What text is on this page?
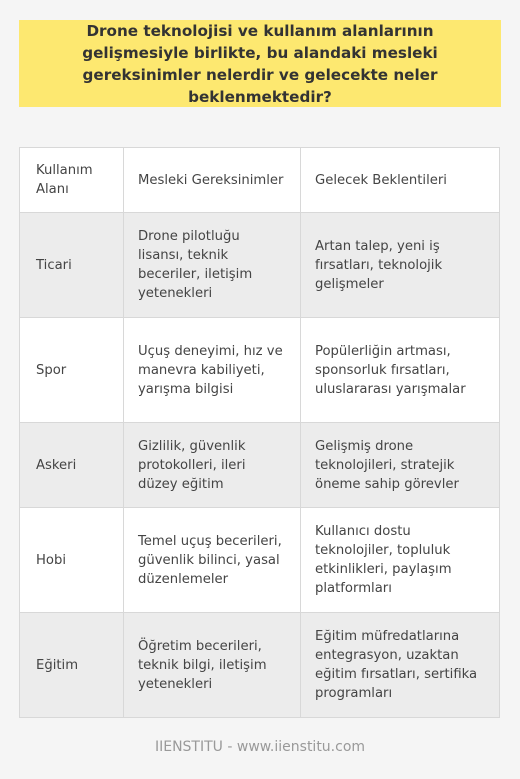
Drone teknolojisi ve kullanım alanlarının gelişmesiyle birlikte, bu alandaki mesleki gereksinimler nelerdir ve gelecekte neler beklenmektedir?
Kullanım Alanı	Mesleki Gereksinimler	Gelecek Beklentileri
Ticari	Drone pilotluğu lisansı, teknik beceriler, iletişim yetenekleri	Artan talep, yeni iş fırsatları, teknolojik gelişmeler
Spor	Uçuş deneyimi, hız ve manevra kabiliyeti, yarışma bilgisi	Popülerliğin artması, sponsorluk fırsatları, uluslararası yarışmalar
Askeri	Gizlilik, güvenlik protokolleri, ileri düzey eğitim	Gelişmiş drone teknolojileri, stratejik öneme sahip görevler
Hobi	Temel uçuş becerileri, güvenlik bilinci, yasal düzenlemeler	Kullanıcı dostu teknolojiler, topluluk etkinlikleri, paylaşım platformları
Eğitim	Öğretim becerileri, teknik bilgi, iletişim yetenekleri	Eğitim müfredatlarına entegrasyon, uzaktan eğitim fırsatları, sertifika programları
IIENSTITU - www.iienstitu.com
